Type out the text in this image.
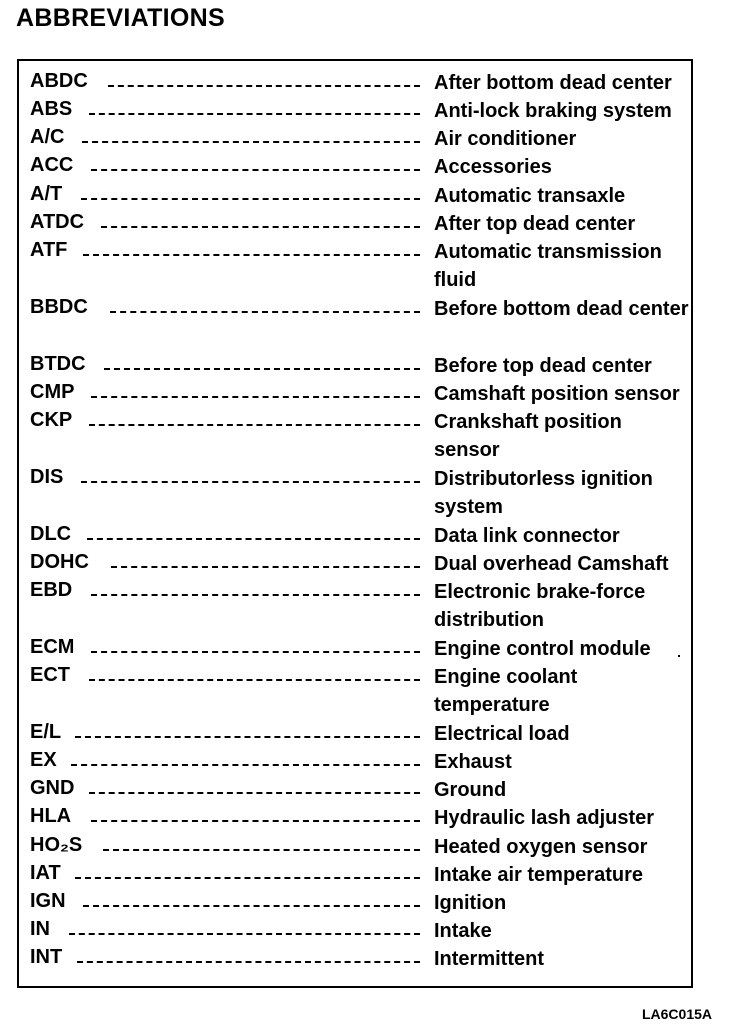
ABBREVIATIONS
ABDC	After bottom dead center
ABS	Anti-lock braking system
A/C	Air conditioner
ACC	Accessories
A/T	Automatic transaxle
ATDC	After top dead center
ATF	Automatic transmission fluid
BBDC	Before bottom dead center
BTDC	Before top dead center
CMP	Camshaft position sensor
CKP	Crankshaft position sensor
DIS	Distributorless ignition system
DLC	Data link connector
DOHC	Dual overhead Camshaft
EBD	Electronic brake-force distribution
ECM	Engine control module
ECT	Engine coolant temperature
E/L	Electrical load
EX	Exhaust
GND	Ground
HLA	Hydraulic lash adjuster
HO₂S	Heated oxygen sensor
IAT	Intake air temperature
IGN	Ignition
IN	Intake
INT	Intermittent
LA6C015A
